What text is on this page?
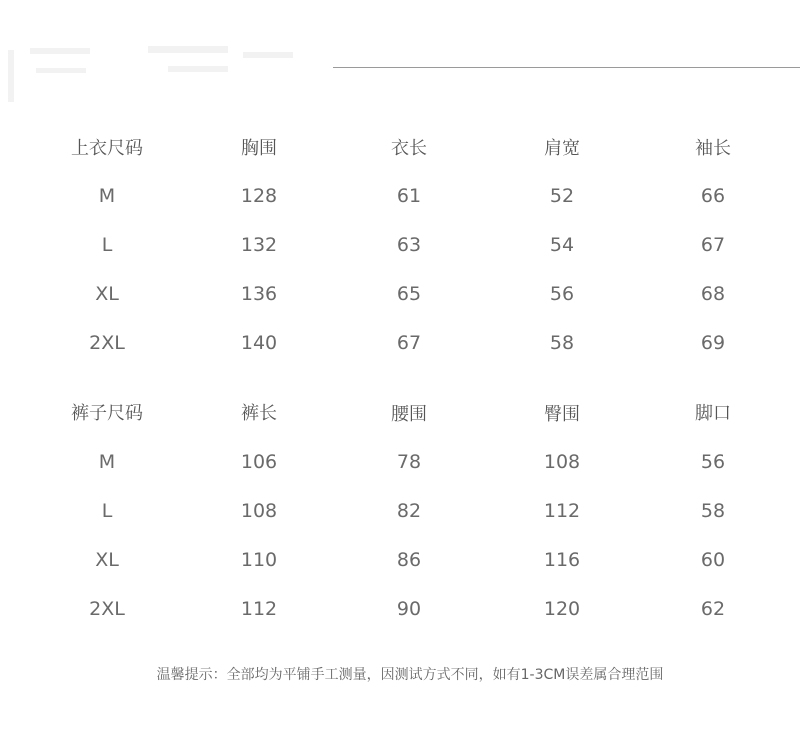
上衣尺码	胸围	衣长	肩宽	袖长
M	128	61	52	66
L	132	63	54	67
XL	136	65	56	68
2XL	140	67	58	69
裤子尺码	裤长	腰围	臀围	脚口
M	106	78	108	56
L	108	82	112	58
XL	110	86	116	60
2XL	112	90	120	62
温馨提示：全部均为平铺手工测量，因测试方式不同，如有1-3CM误差属合理范围
